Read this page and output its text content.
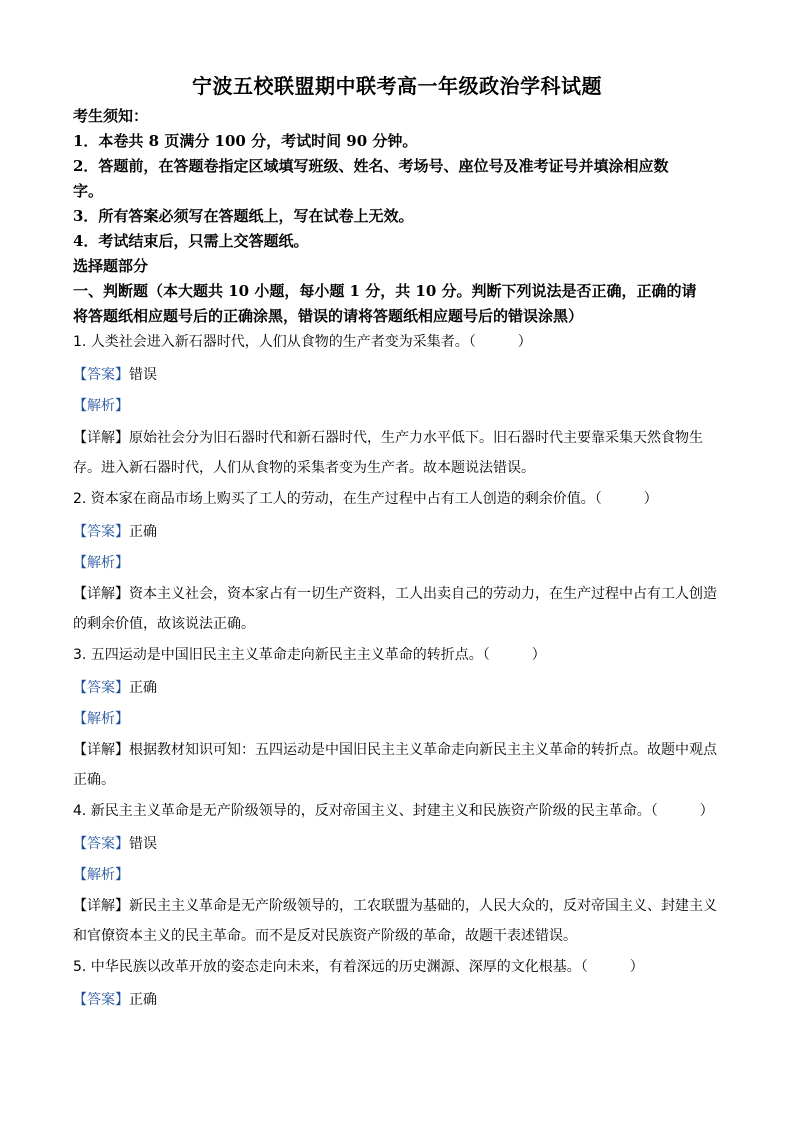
宁波五校联盟期中联考高一年级政治学科试题
考生须知：
1．本卷共 8 页满分 100 分，考试时间 90 分钟。
2．答题前，在答题卷指定区域填写班级、姓名、考场号、座位号及准考证号并填涂相应数
字。
3．所有答案必须写在答题纸上，写在试卷上无效。
4．考试结束后，只需上交答题纸。
选择题部分
一、判断题（本大题共 10 小题，每小题 1 分，共 10 分。判断下列说法是否正确，正确的请
将答题纸相应题号后的正确涂黑，错误的请将答题纸相应题号后的错误涂黑）
1. 人类社会进入新石器时代，人们从食物的生产者变为采集者。（　　　）
【答案】错误
【解析】
【详解】原始社会分为旧石器时代和新石器时代，生产力水平低下。旧石器时代主要靠采集天然食物生
存。进入新石器时代，人们从食物的采集者变为生产者。故本题说法错误。
2. 资本家在商品市场上购买了工人的劳动，在生产过程中占有工人创造的剩余价值。（　　　）
【答案】正确
【解析】
【详解】资本主义社会，资本家占有一切生产资料，工人出卖自己的劳动力，在生产过程中占有工人创造
的剩余价值，故该说法正确。
3. 五四运动是中国旧民主主义革命走向新民主主义革命的转折点。（　　　）
【答案】正确
【解析】
【详解】根据教材知识可知：五四运动是中国旧民主主义革命走向新民主主义革命的转折点。故题中观点
正确。
4. 新民主主义革命是无产阶级领导的，反对帝国主义、封建主义和民族资产阶级的民主革命。（　　　）
【答案】错误
【解析】
【详解】新民主主义革命是无产阶级领导的，工农联盟为基础的，人民大众的，反对帝国主义、封建主义
和官僚资本主义的民主革命。而不是反对民族资产阶级的革命，故题干表述错误。
5. 中华民族以改革开放的姿态走向未来，有着深远的历史渊源、深厚的文化根基。（　　　）
【答案】正确
